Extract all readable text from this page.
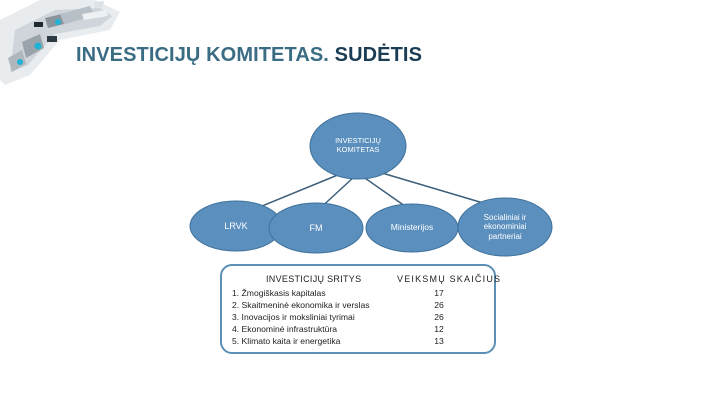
INVESTICIJŲ KOMITETAS. SUDĖTIS
INVESTICIJŲ KOMITETAS
LRVK	FM	Ministerijos
Socialiniai ir ekonominiai partneriai
INVESTICIJŲ SRITYS
1. Žmogiškasis kapitalas
2. Skaitmeninė ekonomika ir verslas
3. Inovacijos ir moksliniai tyrimai
4. Ekonominė infrastruktūra
5. Klimato kaita ir energetika
VEIKSMŲ SKAIČIUS
17
26
26
12
13
